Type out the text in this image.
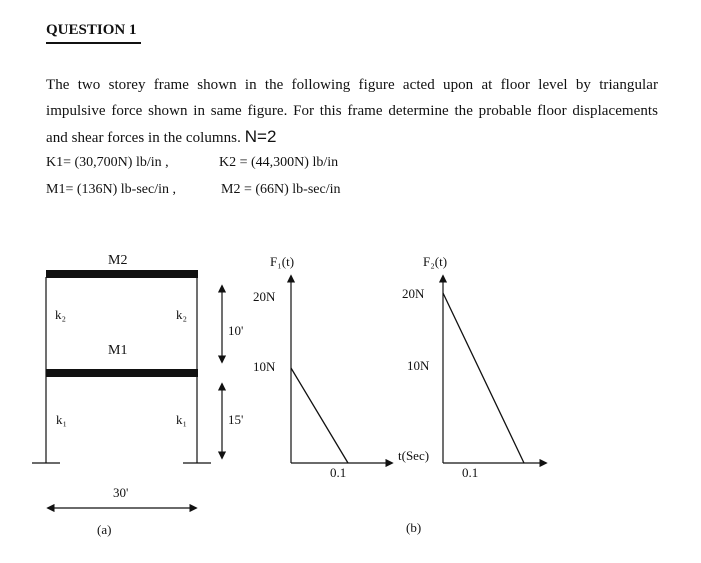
QUESTION 1
The two storey frame shown in the following figure acted upon at floor level by triangular
impulsive force shown in same figure. For this frame determine the probable floor displacements
and shear forces in the columns. N=2
K1= (30,700N) lb/in ,	K2 = (44,300N) lb/in
M1= (136N) lb-sec/in ,	M2 = (66N) lb-sec/in
M2
M1
k₂	k₂
k₁	k₁
10'
15'
30'
(a)
F₁(t)
20N
10N
0.1
F₂(t)
20N
10N
t(Sec)
0.1
(b)
